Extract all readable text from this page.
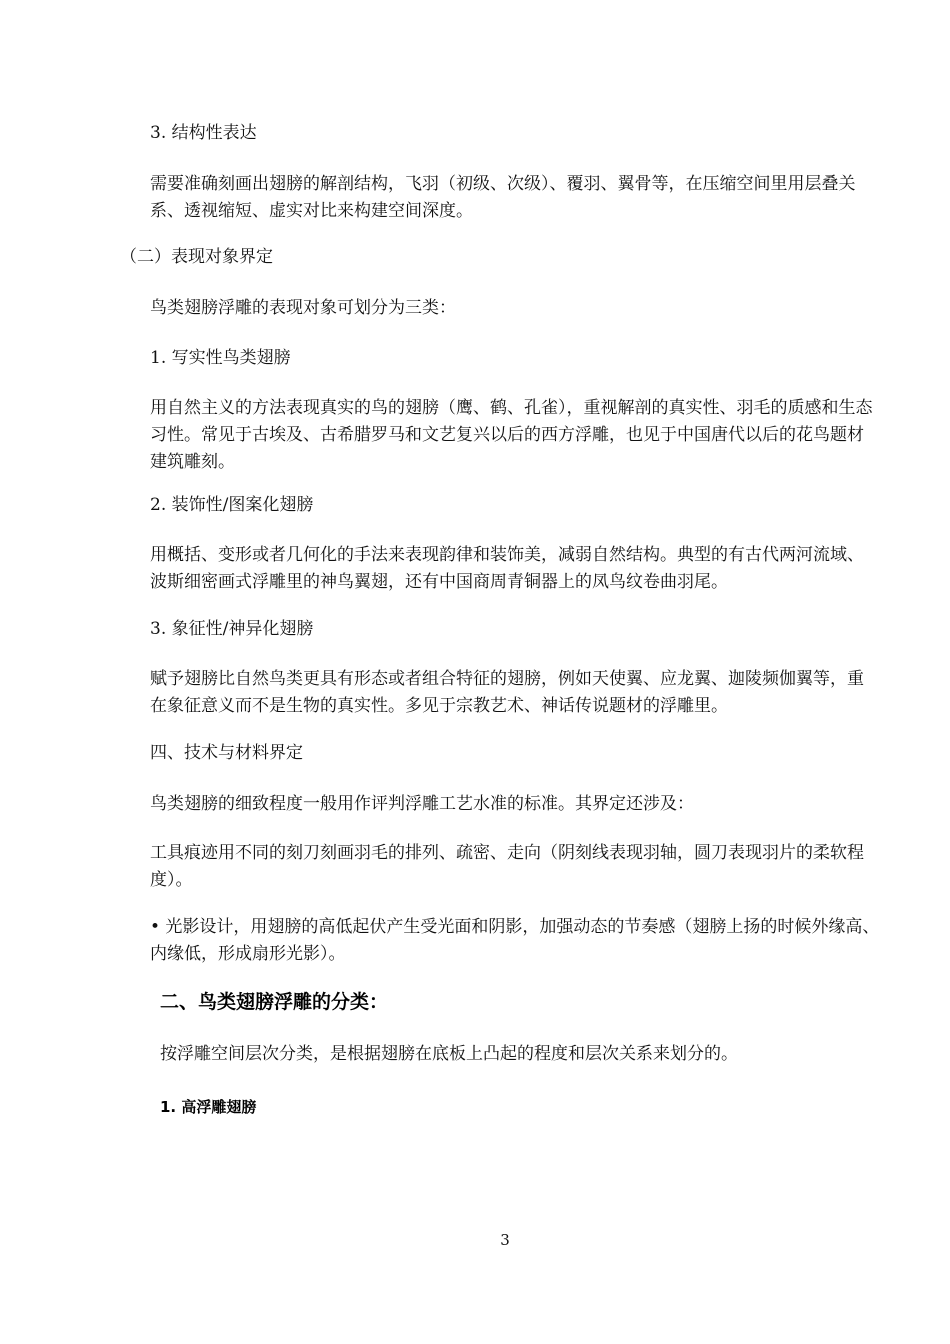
3. 结构性表达

需要准确刻画出翅膀的解剖结构，飞羽（初级、次级）、覆羽、翼骨等，在压缩空间里用层叠关系、透视缩短、虚实对比来构建空间深度。

（二）表现对象界定

鸟类翅膀浮雕的表现对象可划分为三类：

1. 写实性鸟类翅膀

用自然主义的方法表现真实的鸟的翅膀（鹰、鹤、孔雀），重视解剖的真实性、羽毛的质感和生态习性。常见于古埃及、古希腊罗马和文艺复兴以后的西方浮雕，也见于中国唐代以后的花鸟题材建筑雕刻。

2. 装饰性/图案化翅膀

用概括、变形或者几何化的手法来表现韵律和装饰美，减弱自然结构。典型的有古代两河流域、波斯细密画式浮雕里的神鸟翼翅，还有中国商周青铜器上的凤鸟纹卷曲羽尾。

3. 象征性/神异化翅膀

赋予翅膀比自然鸟类更具有形态或者组合特征的翅膀，例如天使翼、应龙翼、迦陵频伽翼等，重在象征意义而不是生物的真实性。多见于宗教艺术、神话传说题材的浮雕里。

四、技术与材料界定

鸟类翅膀的细致程度一般用作评判浮雕工艺水准的标准。其界定还涉及：

工具痕迹用不同的刻刀刻画羽毛的排列、疏密、走向（阴刻线表现羽轴，圆刀表现羽片的柔软程度）。

• 光影设计，用翅膀的高低起伏产生受光面和阴影，加强动态的节奏感（翅膀上扬的时候外缘高、内缘低，形成扇形光影）。

二、鸟类翅膀浮雕的分类：

按浮雕空间层次分类，是根据翅膀在底板上凸起的程度和层次关系来划分的。

1. 高浮雕翅膀
3
